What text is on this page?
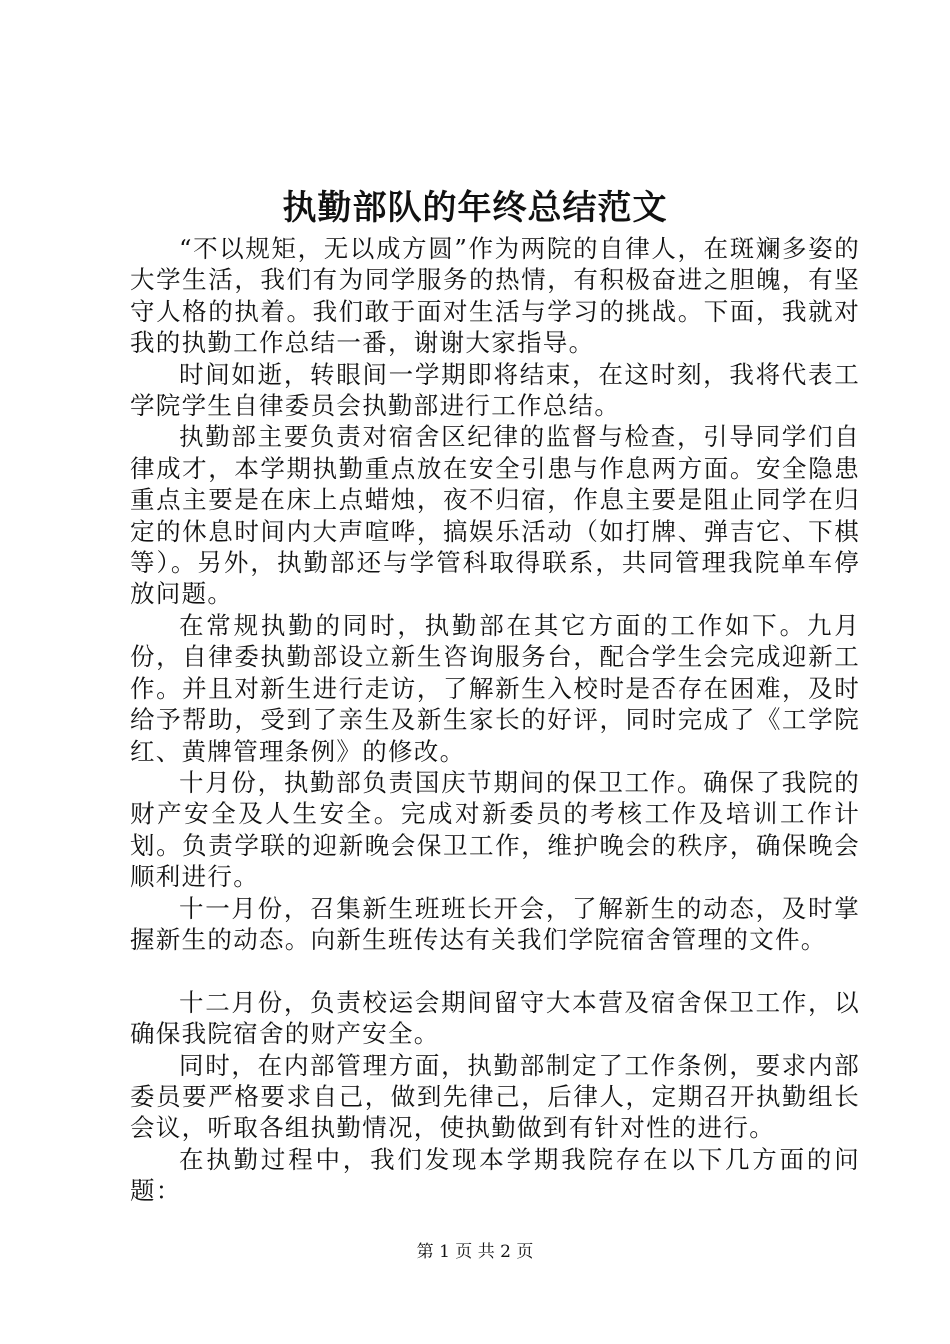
执勤部队的年终总结范文

“不以规矩，无以成方圆”作为两院的自律人，在斑斓多姿的大学生活，我们有为同学服务的热情，有积极奋进之胆魄，有坚守人格的执着。我们敢于面对生活与学习的挑战。下面，我就对我的执勤工作总结一番，谢谢大家指导。

时间如逝，转眼间一学期即将结束，在这时刻，我将代表工学院学生自律委员会执勤部进行工作总结。

执勤部主要负责对宿舍区纪律的监督与检查，引导同学们自律成才，本学期执勤重点放在安全引患与作息两方面。安全隐患重点主要是在床上点蜡烛，夜不归宿，作息主要是阻止同学在归定的休息时间内大声喧哗，搞娱乐活动（如打牌、弹吉它、下棋等）。另外，执勤部还与学管科取得联系，共同管理我院单车停放问题。

在常规执勤的同时，执勤部在其它方面的工作如下。九月份，自律委执勤部设立新生咨询服务台，配合学生会完成迎新工作。并且对新生进行走访，了解新生入校时是否存在困难，及时给予帮助，受到了亲生及新生家长的好评，同时完成了《工学院红、黄牌管理条例》的修改。

十月份，执勤部负责国庆节期间的保卫工作。确保了我院的财产安全及人生安全。完成对新委员的考核工作及培训工作计划。负责学联的迎新晚会保卫工作，维护晚会的秩序，确保晚会顺利进行。

十一月份，召集新生班班长开会，了解新生的动态，及时掌握新生的动态。向新生班传达有关我们学院宿舍管理的文件。

十二月份，负责校运会期间留守大本营及宿舍保卫工作，以确保我院宿舍的财产安全。

同时，在内部管理方面，执勤部制定了工作条例，要求内部委员要严格要求自己，做到先律己，后律人，定期召开执勤组长会议，听取各组执勤情况，使执勤做到有针对性的进行。

在执勤过程中，我们发现本学期我院存在以下几方面的问题：

第 1 页 共 2 页
